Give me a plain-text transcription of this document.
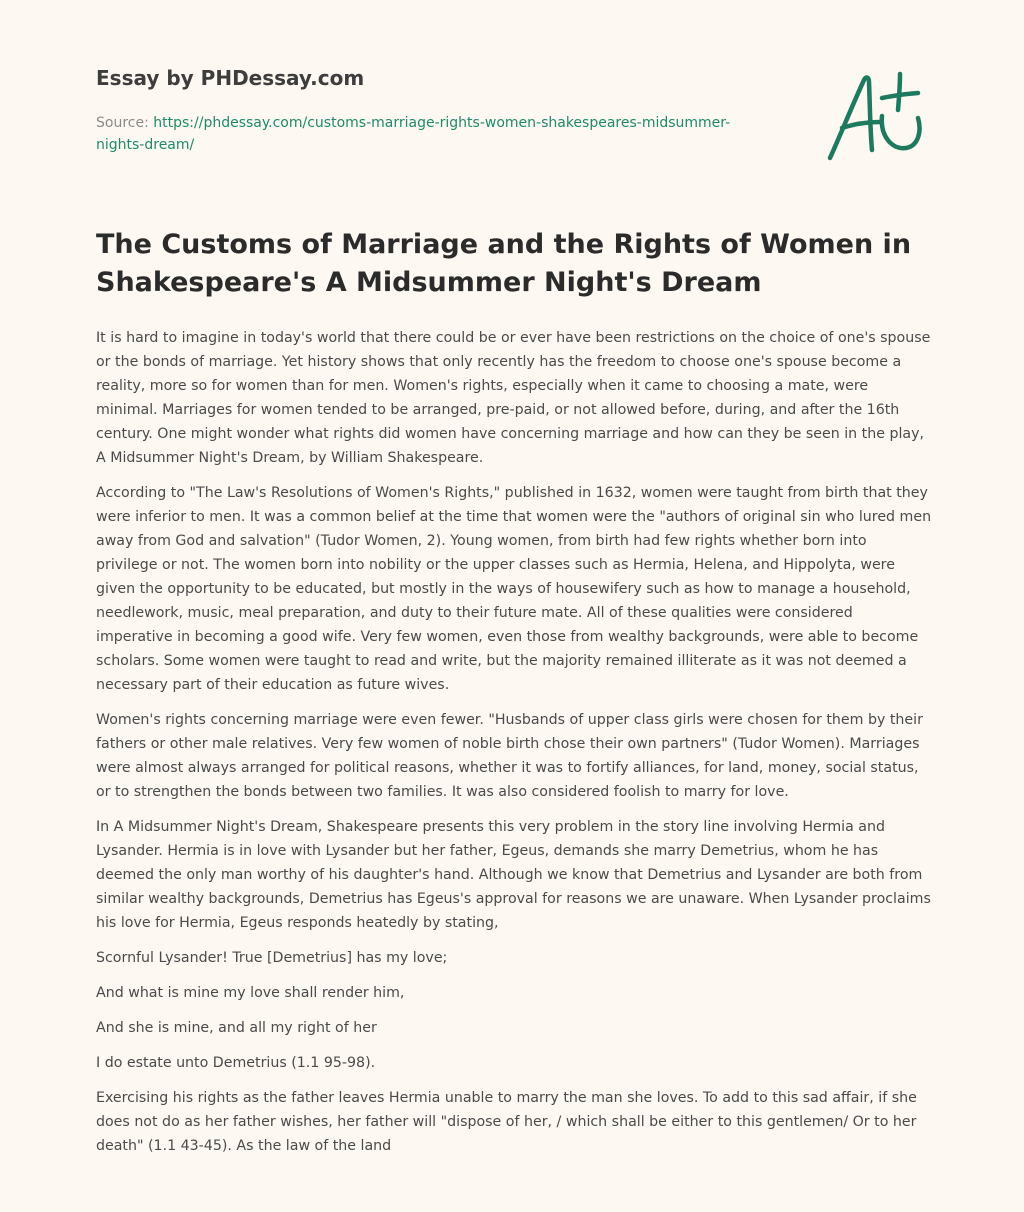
Essay by PHDessay.com

Source: https://phdessay.com/customs-marriage-rights-women-shakespeares-midsummer-nights-dream/
The Customs of Marriage and the Rights of Women in Shakespeare's A Midsummer Night's Dream

It is hard to imagine in today's world that there could be or ever have been restrictions on the choice of one's spouse or the bonds of marriage. Yet history shows that only recently has the freedom to choose one's spouse become a reality, more so for women than for men. Women's rights, especially when it came to choosing a mate, were minimal. Marriages for women tended to be arranged, pre-paid, or not allowed before, during, and after the 16th century. One might wonder what rights did women have concerning marriage and how can they be seen in the play, A Midsummer Night's Dream, by William Shakespeare.

According to "The Law's Resolutions of Women's Rights," published in 1632, women were taught from birth that they were inferior to men. It was a common belief at the time that women were the "authors of original sin who lured men away from God and salvation" (Tudor Women, 2). Young women, from birth had few rights whether born into privilege or not. The women born into nobility or the upper classes such as Hermia, Helena, and Hippolyta, were given the opportunity to be educated, but mostly in the ways of housewifery such as how to manage a household, needlework, music, meal preparation, and duty to their future mate. All of these qualities were considered imperative in becoming a good wife. Very few women, even those from wealthy backgrounds, were able to become scholars. Some women were taught to read and write, but the majority remained illiterate as it was not deemed a necessary part of their education as future wives.

Women's rights concerning marriage were even fewer. "Husbands of upper class girls were chosen for them by their fathers or other male relatives. Very few women of noble birth chose their own partners" (Tudor Women). Marriages were almost always arranged for political reasons, whether it was to fortify alliances, for land, money, social status, or to strengthen the bonds between two families. It was also considered foolish to marry for love.

In A Midsummer Night's Dream, Shakespeare presents this very problem in the story line involving Hermia and Lysander. Hermia is in love with Lysander but her father, Egeus, demands she marry Demetrius, whom he has deemed the only man worthy of his daughter's hand. Although we know that Demetrius and Lysander are both from similar wealthy backgrounds, Demetrius has Egeus's approval for reasons we are unaware. When Lysander proclaims his love for Hermia, Egeus responds heatedly by stating,

Scornful Lysander! True [Demetrius] has my love;

And what is mine my love shall render him,

And she is mine, and all my right of her

I do estate unto Demetrius (1.1 95-98).

Exercising his rights as the father leaves Hermia unable to marry the man she loves. To add to this sad affair, if she does not do as her father wishes, her father will "dispose of her, / which shall be either to this gentlemen/ Or to her death" (1.1 43-45). As the law of the land
